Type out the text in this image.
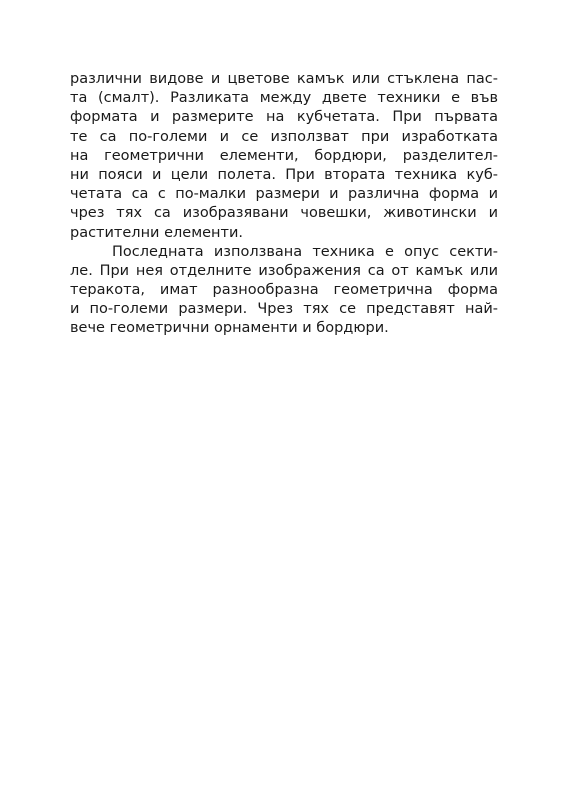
различни видове и цветове камък или стъклена пас-
та (смалт). Разликата между двете техники е във
формата и размерите на кубчетата. При първата
те са по-големи и се използват при изработката
на геометрични елементи, бордюри, разделител-
ни пояси и цели полета. При втората техника куб-
четата са с по-малки размери и различна форма и
чрез тях са изобразявани човешки, животински и
растителни елементи.
Последната използвана техника е опус секти-
ле. При нея отделните изображения са от камък или
теракота, имат разнообразна геометрична форма
и по-големи размери. Чрез тях се представят най-
вече геометрични орнаменти и бордюри.
